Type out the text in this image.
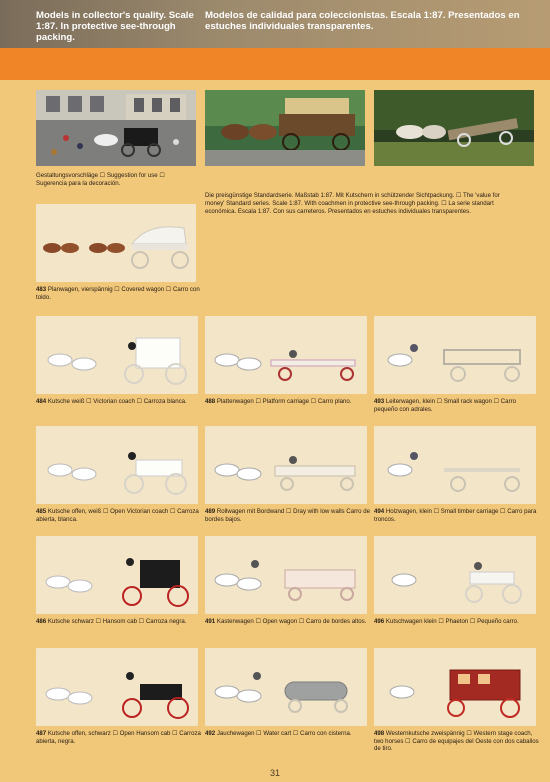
Models in collector's quality. Scale 1:87. In protective see-through packing.
Modelos de calidad para coleccionistas. Escala 1:87. Presentados en estuches individuales transparentes.
Gestaltungsvorschläge ☐ Suggestion for use ☐ Sugerencia para la decoración.
Die preisgünstige Standardserie. Maßstab 1:87. Mit Kutschern in schützender Sichtpackung. ☐ The 'value for money' Standard series. Scale 1:87. With coachmen in protective see-through packing. ☐ La serie standart económica. Escala 1:87. Con sus carreteros. Presentados en estuches individuales transparentes.
483 Planwagen, vierspännig ☐ Covered wagon ☐ Carro con toldo.
484 Kutsche weiß ☐ Victorian coach ☐ Carroza blanca.	488 Plattenwagen ☐ Platform carriage ☐ Carro plano.	493 Leiterwagen, klein ☐ Small rack wagon ☐ Carro pequeño con adrales.
485 Kutsche offen, weiß ☐ Open Victorian coach ☐ Carroza abierta, blanca.
489 Rollwagen mit Bordwand ☐ Dray with low walls Carro de bordes bajos.
494 Holzwagen, klein ☐ Small timber carriage ☐ Carro para troncos.
486 Kutsche schwarz ☐ Hansom cab ☐ Carroza negra.	491 Kastenwagen ☐ Open wagon ☐ Carro de bordes altos.	496 Kutschwagen klein ☐ Phaeton ☐ Pequeño carro.
487 Kutsche offen, schwarz ☐ Open Hansom cab ☐ Carroza abierta, negra.
492 Jauchewagen ☐ Water cart ☐ Carro con cisterna.	498 Westernkutsche zweispännig ☐ Western stage coach, two horses ☐ Carro de equipajes del Oeste con dos caballos de tiro.
31
